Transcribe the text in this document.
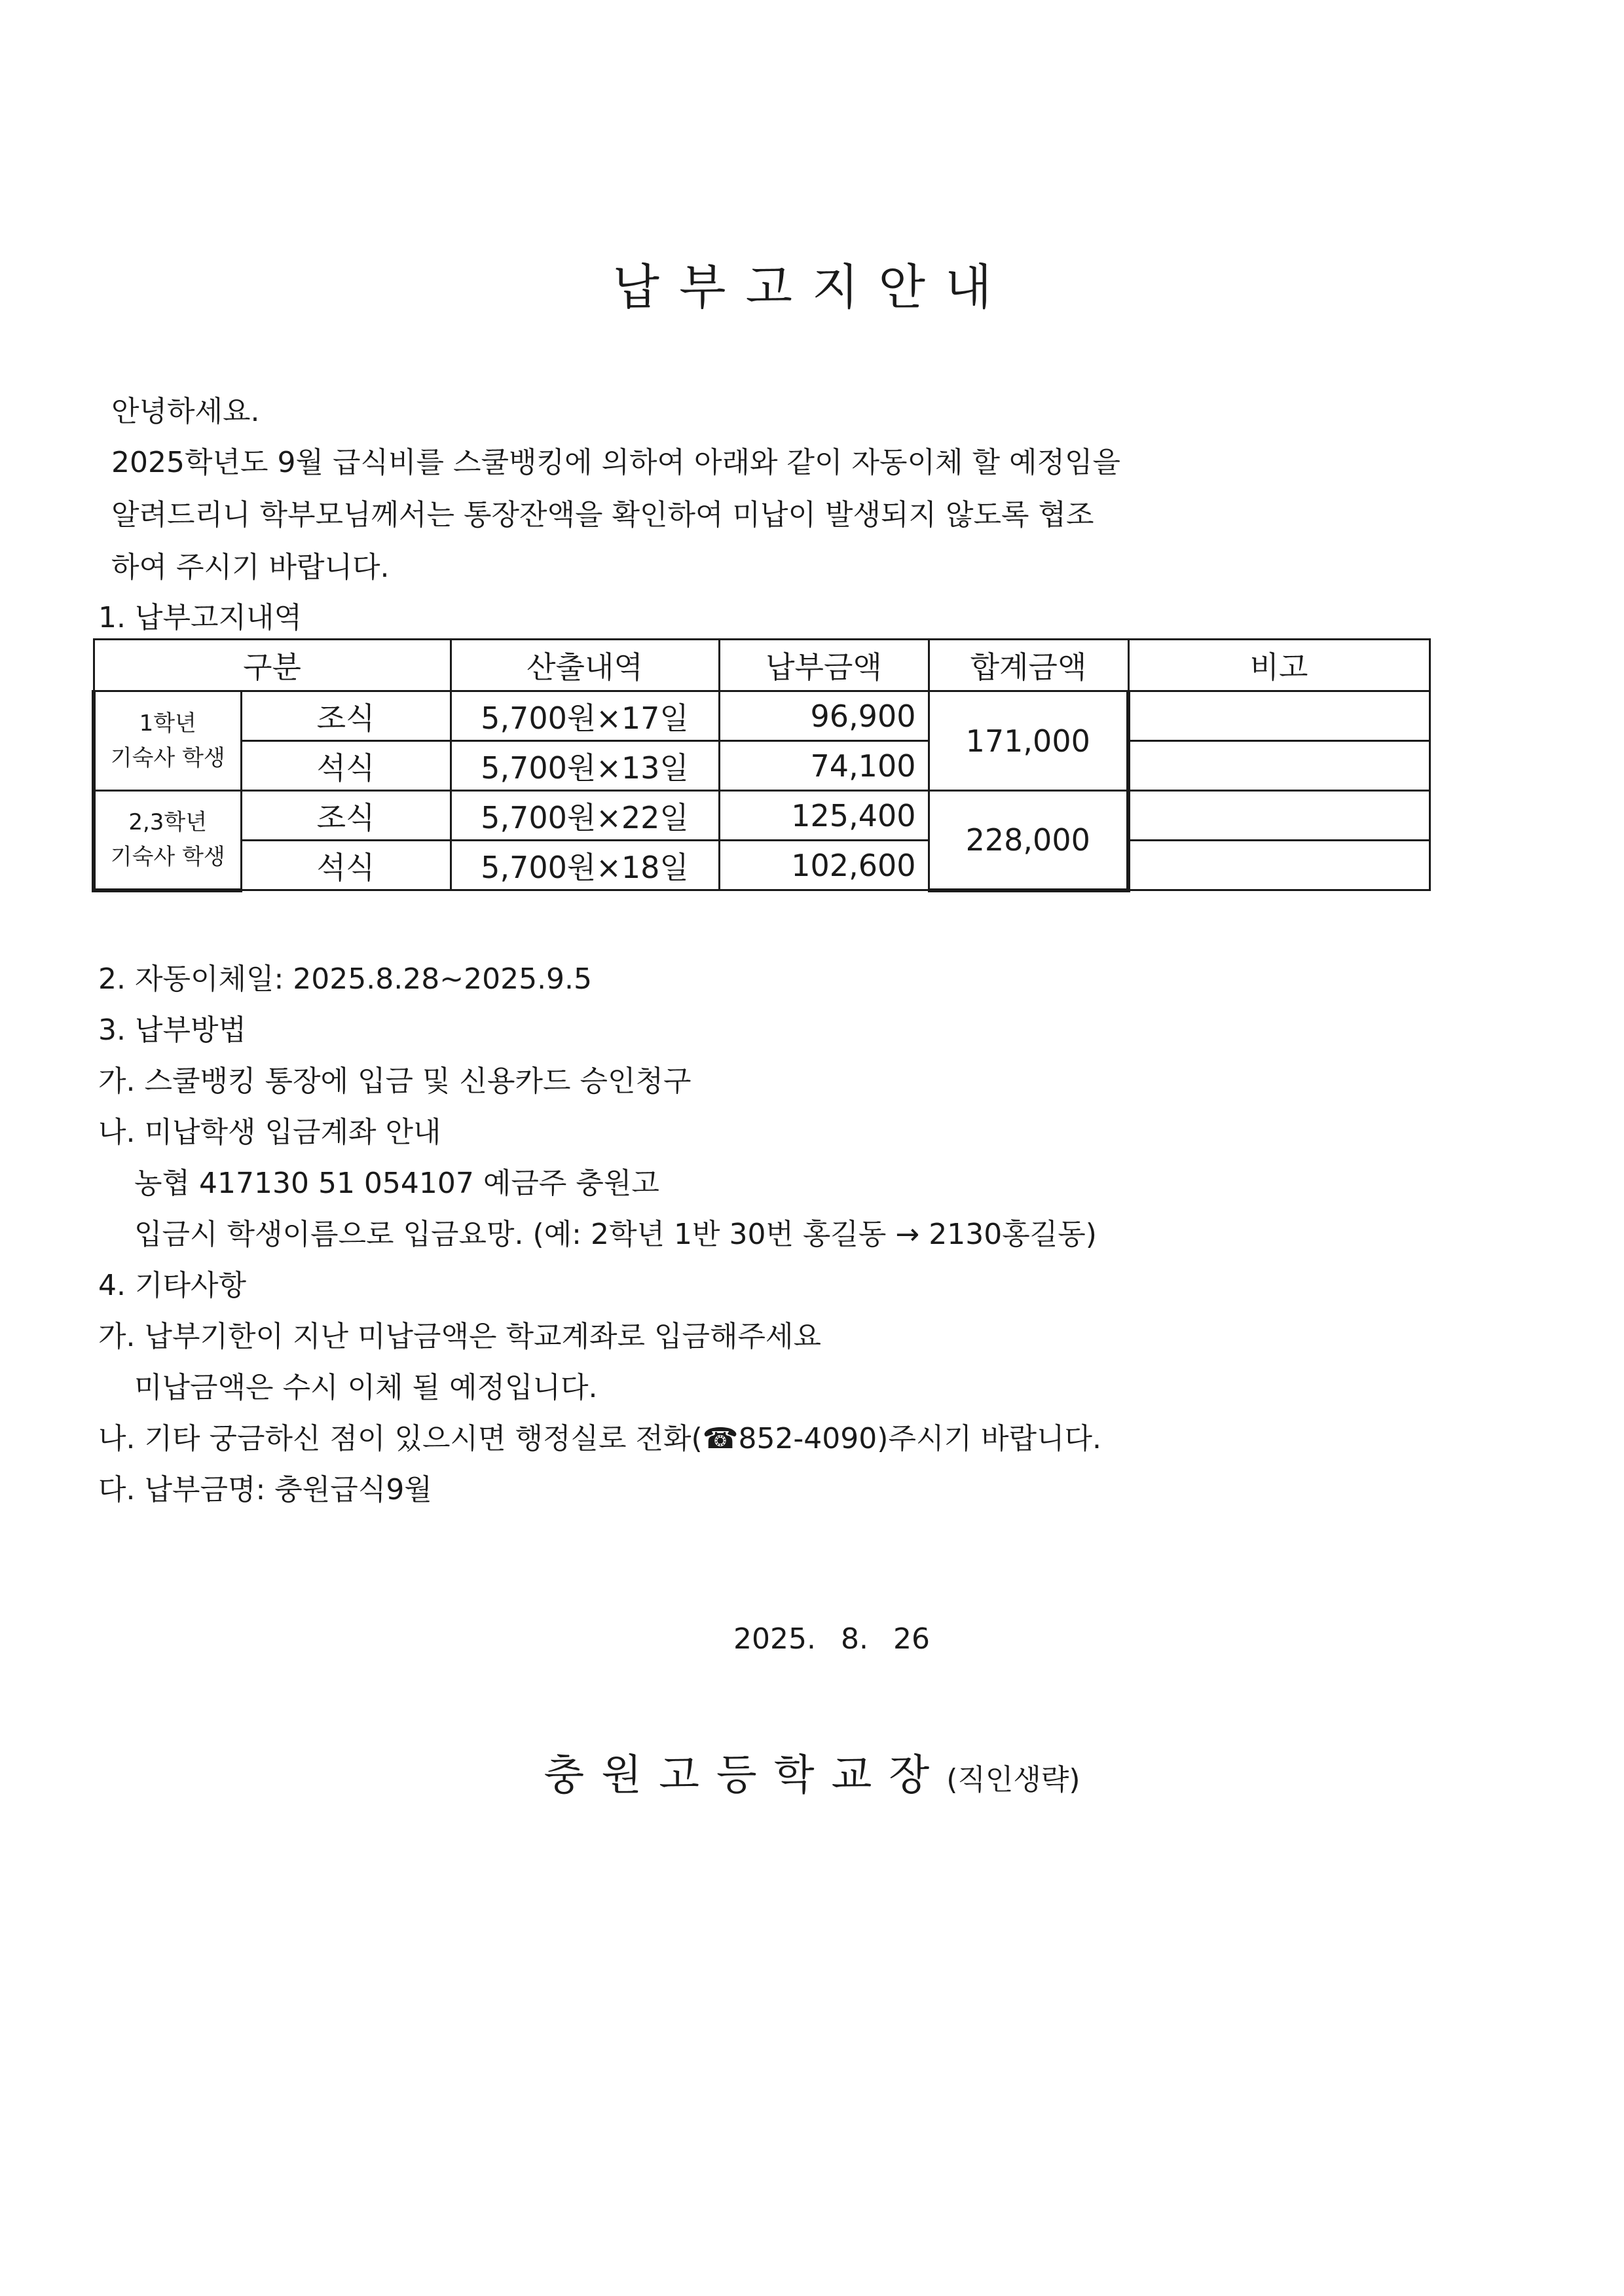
납부고지안내
안녕하세요.
2025학년도 9월 급식비를 스쿨뱅킹에 의하여 아래와 같이 자동이체 할 예정임을
알려드리니 학부모님께서는 통장잔액을 확인하여 미납이 발생되지 않도록 협조
하여 주시기 바랍니다.
1. 납부고지내역
구분		산출내역	납부금액	합계금액	비고
1학년
기숙사 학생	조식	5,700원×17일	96,900	171,000	
	석식	5,700원×13일	74,100		
2,3학년
기숙사 학생	조식	5,700원×22일	125,400	228,000	
	석식	5,700원×18일	102,600		
2. 자동이체일: 2025.8.28~2025.9.5
3. 납부방법
가. 스쿨뱅킹 통장에 입금 및 신용카드 승인청구
나. 미납학생 입금계좌 안내
농협 417130 51 054107 예금주 충원고
입금시 학생이름으로 입금요망. (예: 2학년 1반 30번 홍길동 → 2130홍길동)
4. 기타사항
가. 납부기한이 지난 미납금액은 학교계좌로 입금해주세요
미납금액은 수시 이체 될 예정입니다.
나. 기타 궁금하신 점이 있으시면 행정실로 전화(☎852-4090)주시기 바랍니다.
다. 납부금명: 충원급식9월
2025. 8. 26
충원고등학교장(직인생략)
